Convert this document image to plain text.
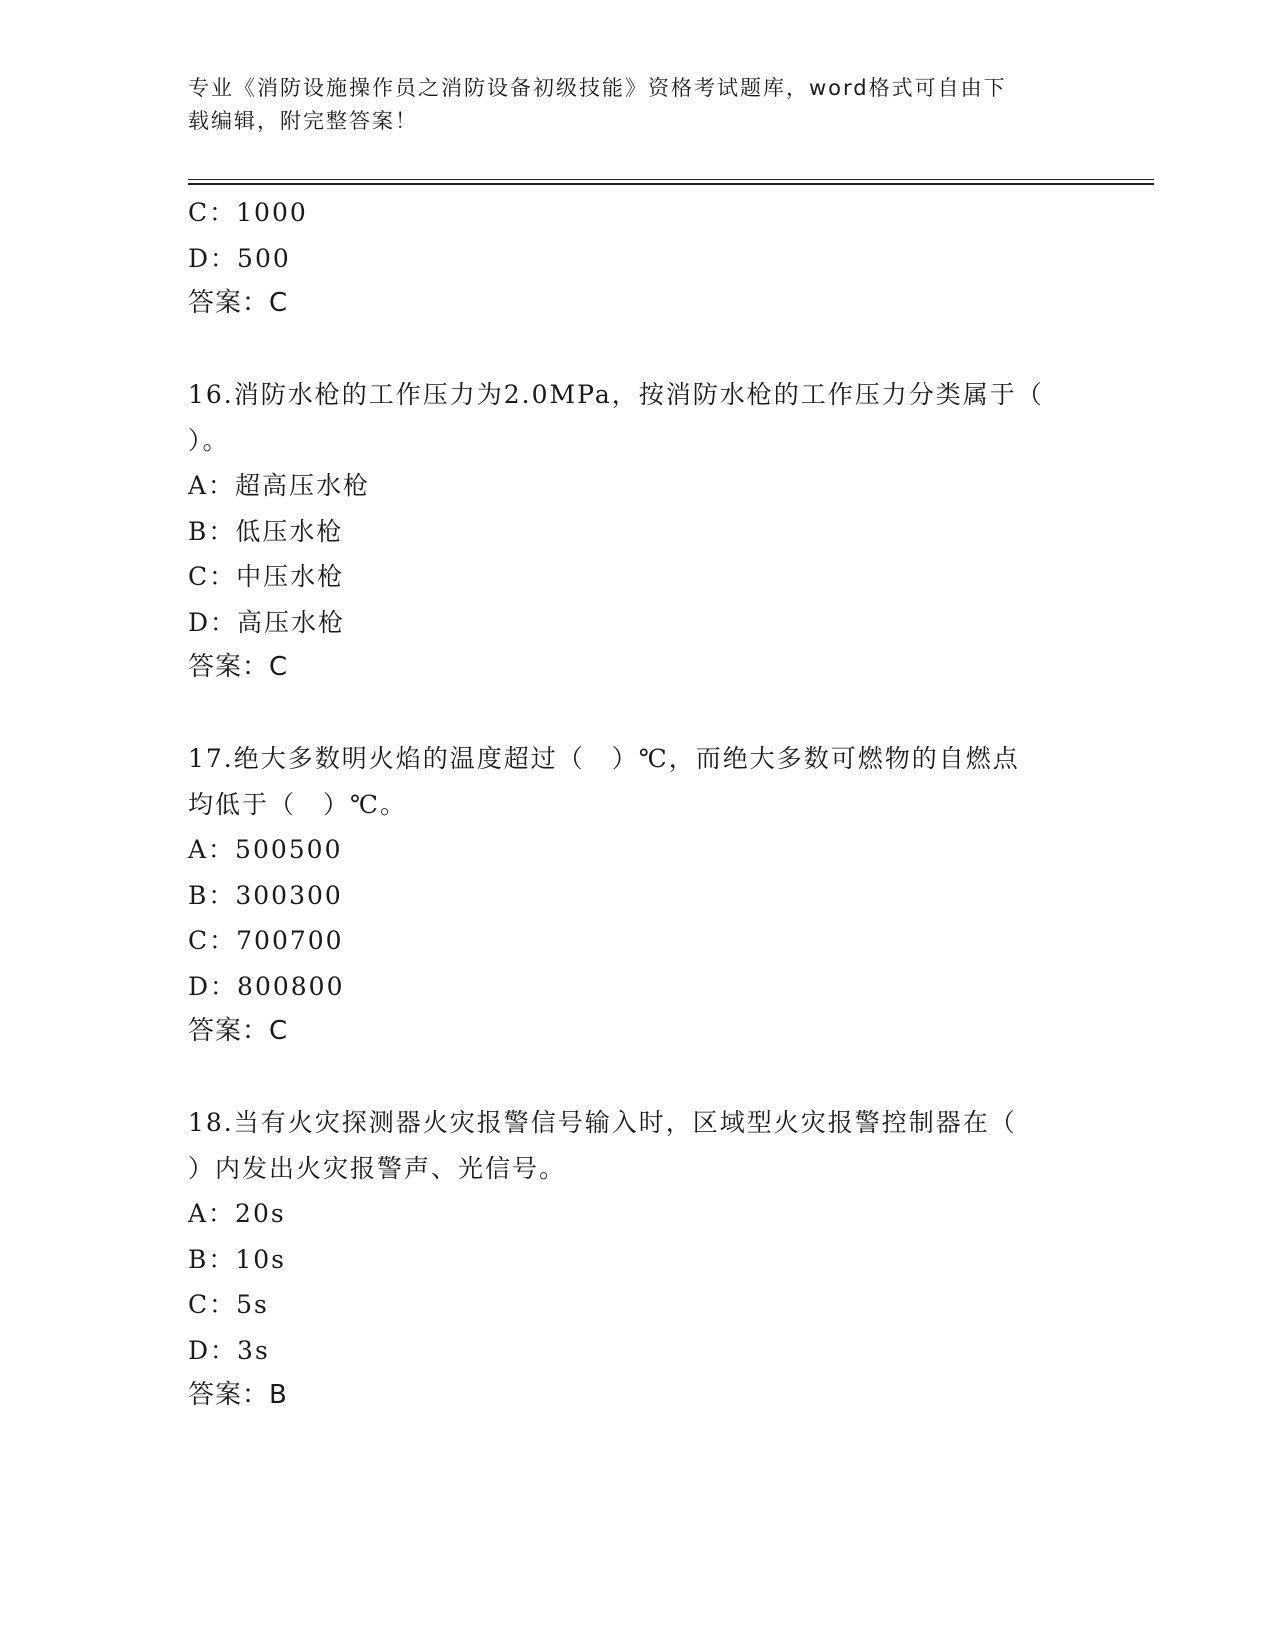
专业《消防设施操作员之消防设备初级技能》资格考试题库，word格式可自由下
载编辑，附完整答案！
C：1000
D：500
答案：C
16.消防水枪的工作压力为2.0MPa，按消防水枪的工作压力分类属于（
）。
A：超高压水枪
B：低压水枪
C：中压水枪
D：高压水枪
答案：C
17.绝大多数明火焰的温度超过（　）℃，而绝大多数可燃物的自燃点
均低于（　）℃。
A：500500
B：300300
C：700700
D：800800
答案：C
18.当有火灾探测器火灾报警信号输入时，区域型火灾报警控制器在（
）内发出火灾报警声、光信号。
A：20s
B：10s
C：5s
D：3s
答案：B
